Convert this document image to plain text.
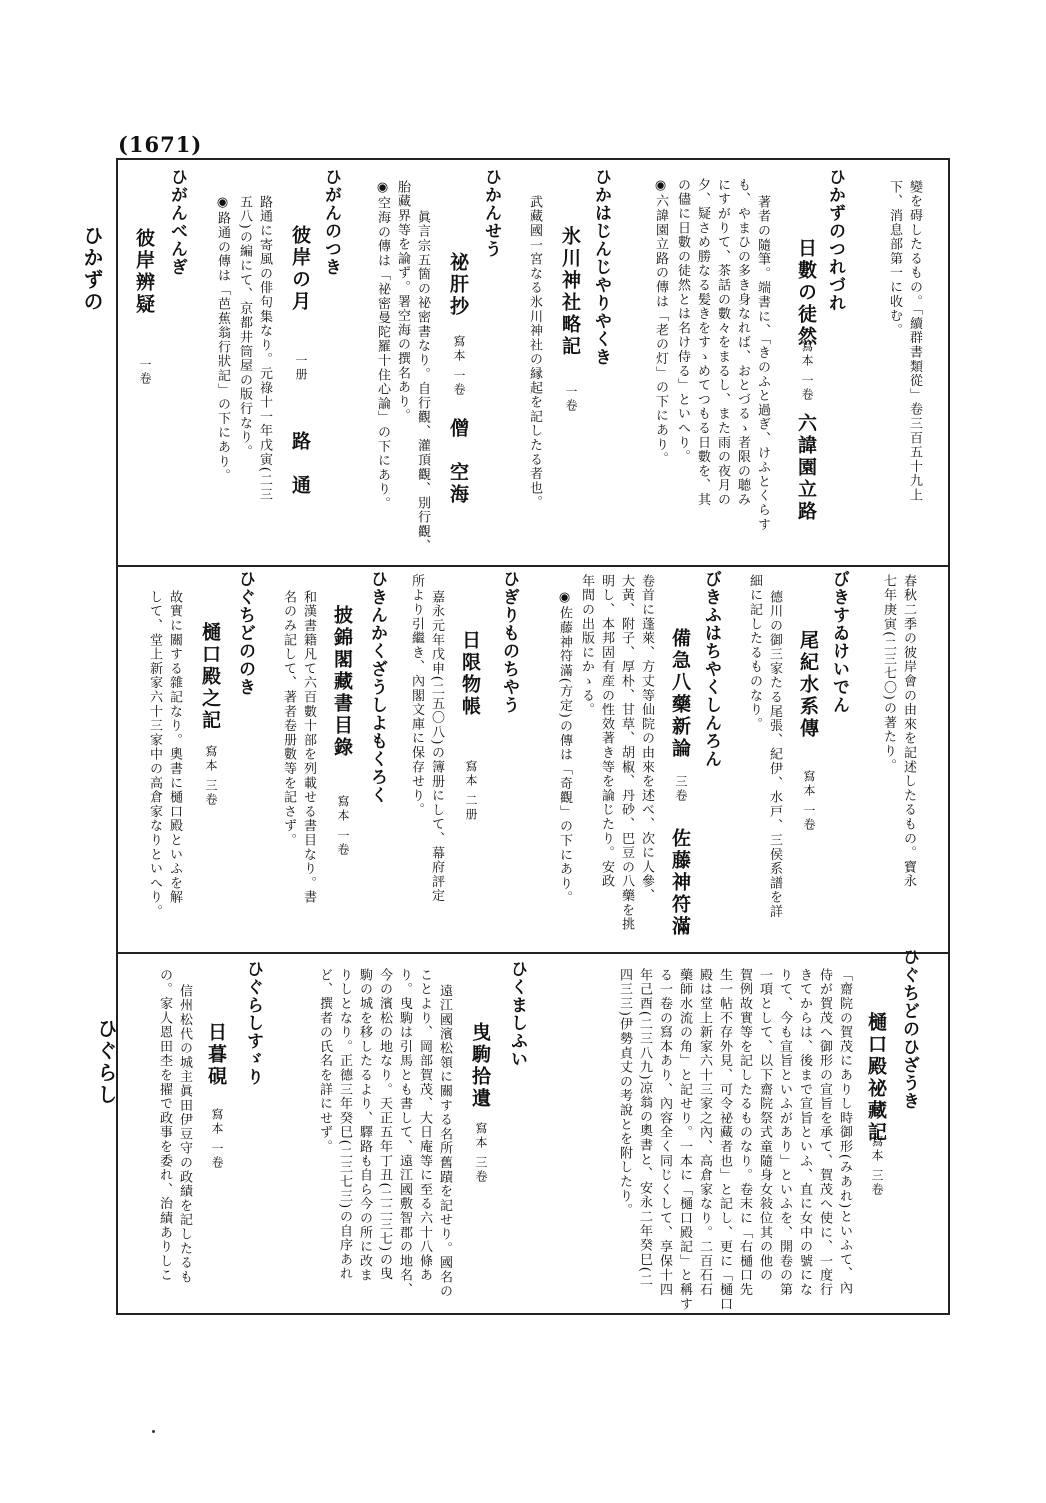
(1671)
ひかずの
ひぐらし
變を碍したるもの。「續群書類從」卷三百五十九上
下、消息部第一に收む。
ひかずのつれづれ
日數の徒然
寫本 一卷
六諱園立路
著者の隨筆。端書に、「きのふと過ぎ、けふとくらす
も、やまひの多き身なれば、おとづるゝ者限の聴み
にすがりて、茶話の數々をまるし、また雨の夜月の
夕、疑さめ勝なる髪きをすゝめてつもる日數を、其
の儘に日數の徒然とは名け侍る」といへり。
◉六諱園立路の傳は「老の灯」の下にあり。
ひかはじんじやりやくき
氷川神社略記
一卷
武藏國一宮なる氷川神社の縁起を記したる者也。
ひかんせう
祕肝抄
寫本 一卷
僧　空海
眞言宗五箇の祕密書なり。自行觀、灌頂觀、別行觀、
胎藏界等を論ず。署空海の撰名あり。
◉空海の傳は「祕密曼陀羅十住心論」の下にあり。
ひがんのつき
彼岸の月
一册
路　通
路通に寄風の俳句集なり。元祿十一年戊寅(二三
五八)の編にて、京都井筒屋の版行なり。
◉路通の傳は「芭蕉翁行狀記」の下にあり。
ひがんべんぎ
彼岸辨疑
一卷
春秋二季の彼岸會の由來を記述したるもの。寶永
七年庚寅(二三七〇)の著たり。
びきすゐけいでん
尾紀水系傳
寫本 一卷
德川の御三家たる尾張、紀伊、水戸、三侯系譜を詳
細に記したるものなり。
びきふはちやくしんろん
備急八藥新論
三卷
佐藤神符滿
卷首に蓬萊、方丈等仙院の由來を述べ、次に人參、
大黃、附子、厚朴、甘草、胡椒、丹砂、巴豆の八藥を挑
明し、本邦固有産の性效著き等を論じたり。安政
年間の出版にかゝる。
◉佐藤神符滿(方定)の傳は「奇觀」の下にあり。
ひぎりものちやう
日限物帳
寫本 二册
嘉永元年戊申(二五〇八)の簿册にして、幕府評定
所より引繼き、內閣文庫に保存せり。
ひきんかくざうしよもくろく
披錦閣藏書目錄
寫本 一卷
和漢書籍凡て六百數十部を列載せる書目なり。書
名のみ記して、著者卷册數等を記さず。
ひぐちどののき
樋口殿之記
寫本 三卷
故實に關する雜記なり。奧書に樋口殿といふを解
して、堂上新家六十三家中の高倉家なりといへり。
ひぐちどのひざうき
樋口殿祕藏記
寫本 三卷
「齋院の賀茂にありし時御形(みあれ)といふて、內
侍が賀茂へ御形の宣旨を承て、賀茂へ使に、一度行
きてからは、後まで宣旨といふ、直に女中の號にな
りて、今も宣旨といふがあり」といふを、開卷の第
一項として、以下齋院祭式童隨身女敍位其の他の
賀例故實等を記したるものなり。卷末に「右樋口先
生一帖不存外見、可令祕藏者也」と記し、更に「樋口
殿は堂上新家六十三家之內、高倉家なり。二百石石
藥師水流の角」と記せり。一本に「樋口殿記」と稱す
る一卷の寫本あり、內容全く同じくして、享保十四
年己酉(二三八九)凉翁の奧書と、安永二年癸巳(二
四三三)伊勢貞丈の考說とを附したり。
ひくましふい
曳駒拾遺
寫本 三卷
遠江國濱松領に關する名所舊蹟を記せり。國名の
ことより、岡部賀茂、大日庵等に至る六十八條あ
り。曳駒は引馬とも書して、遠江國敷智郡の地名、
今の濱松の地なり。天正五年丁丑(二二三七)の曳
駒の城を移したるより、驛路も自ら今の所に改ま
りしとなり。正德三年癸巳(二三七三)の自序あれ
ど、撰者の氏名を詳にせず。
ひぐらしすゞり
日暮硯
寫本 一卷
信州松代の城主眞田伊豆守の政績を記したるも
の。家人恩田杢を擢で政事を委れ、治績ありしこ
